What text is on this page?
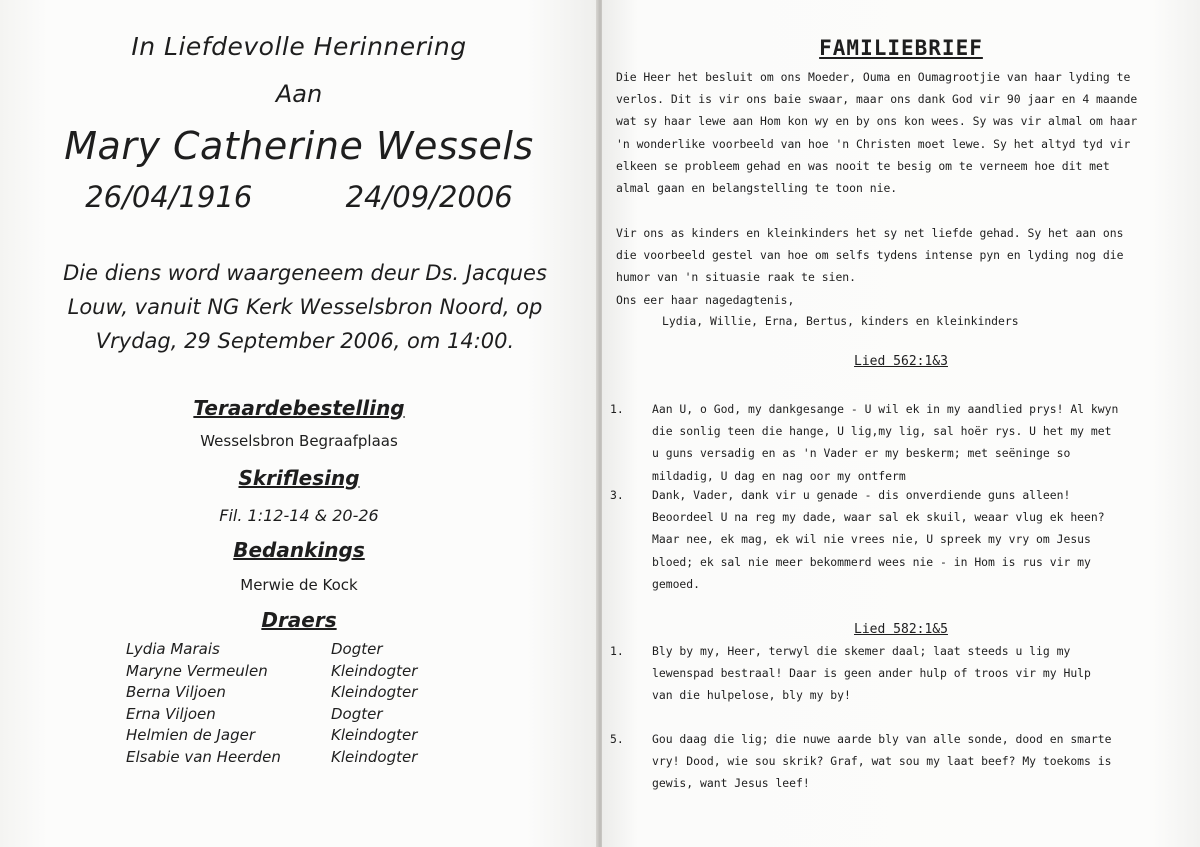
In Liefdevolle Herinnering
Aan
Mary Catherine Wessels
26/04/1916	24/09/2006
Die diens word waargeneem deur Ds. Jacques
Louw, vanuit NG Kerk Wesselsbron Noord, op
Vrydag, 29 September 2006, om 14:00.
Teraardebestelling
Wesselsbron Begraafplaas
Skriflesing
Fil. 1:12-14 & 20-26
Bedankings
Merwie de Kock
Draers
Lydia Marais	Dogter
Maryne Vermeulen	Kleindogter
Berna Viljoen	Kleindogter
Erna Viljoen	Dogter
Helmien de Jager	Kleindogter
Elsabie van Heerden	Kleindogter
FAMILIEBRIEF
Die Heer het besluit om ons Moeder, Ouma en Oumagrootjie van haar lyding te
verlos. Dit is vir ons baie swaar, maar ons dank God vir 90 jaar en 4 maande
wat sy haar lewe aan Hom kon wy en by ons kon wees. Sy was vir almal om haar
'n wonderlike voorbeeld van hoe 'n Christen moet lewe. Sy het altyd tyd vir
elkeen se probleem gehad en was nooit te besig om te verneem hoe dit met
almal gaan en belangstelling te toon nie.
Vir ons as kinders en kleinkinders het sy net liefde gehad. Sy het aan ons
die voorbeeld gestel van hoe om selfs tydens intense pyn en lyding nog die
humor van 'n situasie raak te sien.
Ons eer haar nagedagtenis,
Lydia, Willie, Erna, Bertus, kinders en kleinkinders
Lied 562:1&3
1. Aan U, o God, my dankgesange - U wil ek in my aandlied prys! Al kwyn
die sonlig teen die hange, U lig,my lig, sal hoër rys. U het my met
u guns versadig en as 'n Vader er my beskerm; met seëninge so
mildadig, U dag en nag oor my ontferm
3. Dank, Vader, dank vir u genade - dis onverdiende guns alleen!
Beoordeel U na reg my dade, waar sal ek skuil, weaar vlug ek heen?
Maar nee, ek mag, ek wil nie vrees nie, U spreek my vry om Jesus
bloed; ek sal nie meer bekommerd wees nie - in Hom is rus vir my
gemoed.
Lied 582:1&5
1. Bly by my, Heer, terwyl die skemer daal; laat steeds u lig my
lewenspad bestraal! Daar is geen ander hulp of troos vir my Hulp
van die hulpelose, bly my by!
5. Gou daag die lig; die nuwe aarde bly van alle sonde, dood en smarte
vry! Dood, wie sou skrik? Graf, wat sou my laat beef? My toekoms is
gewis, want Jesus leef!
